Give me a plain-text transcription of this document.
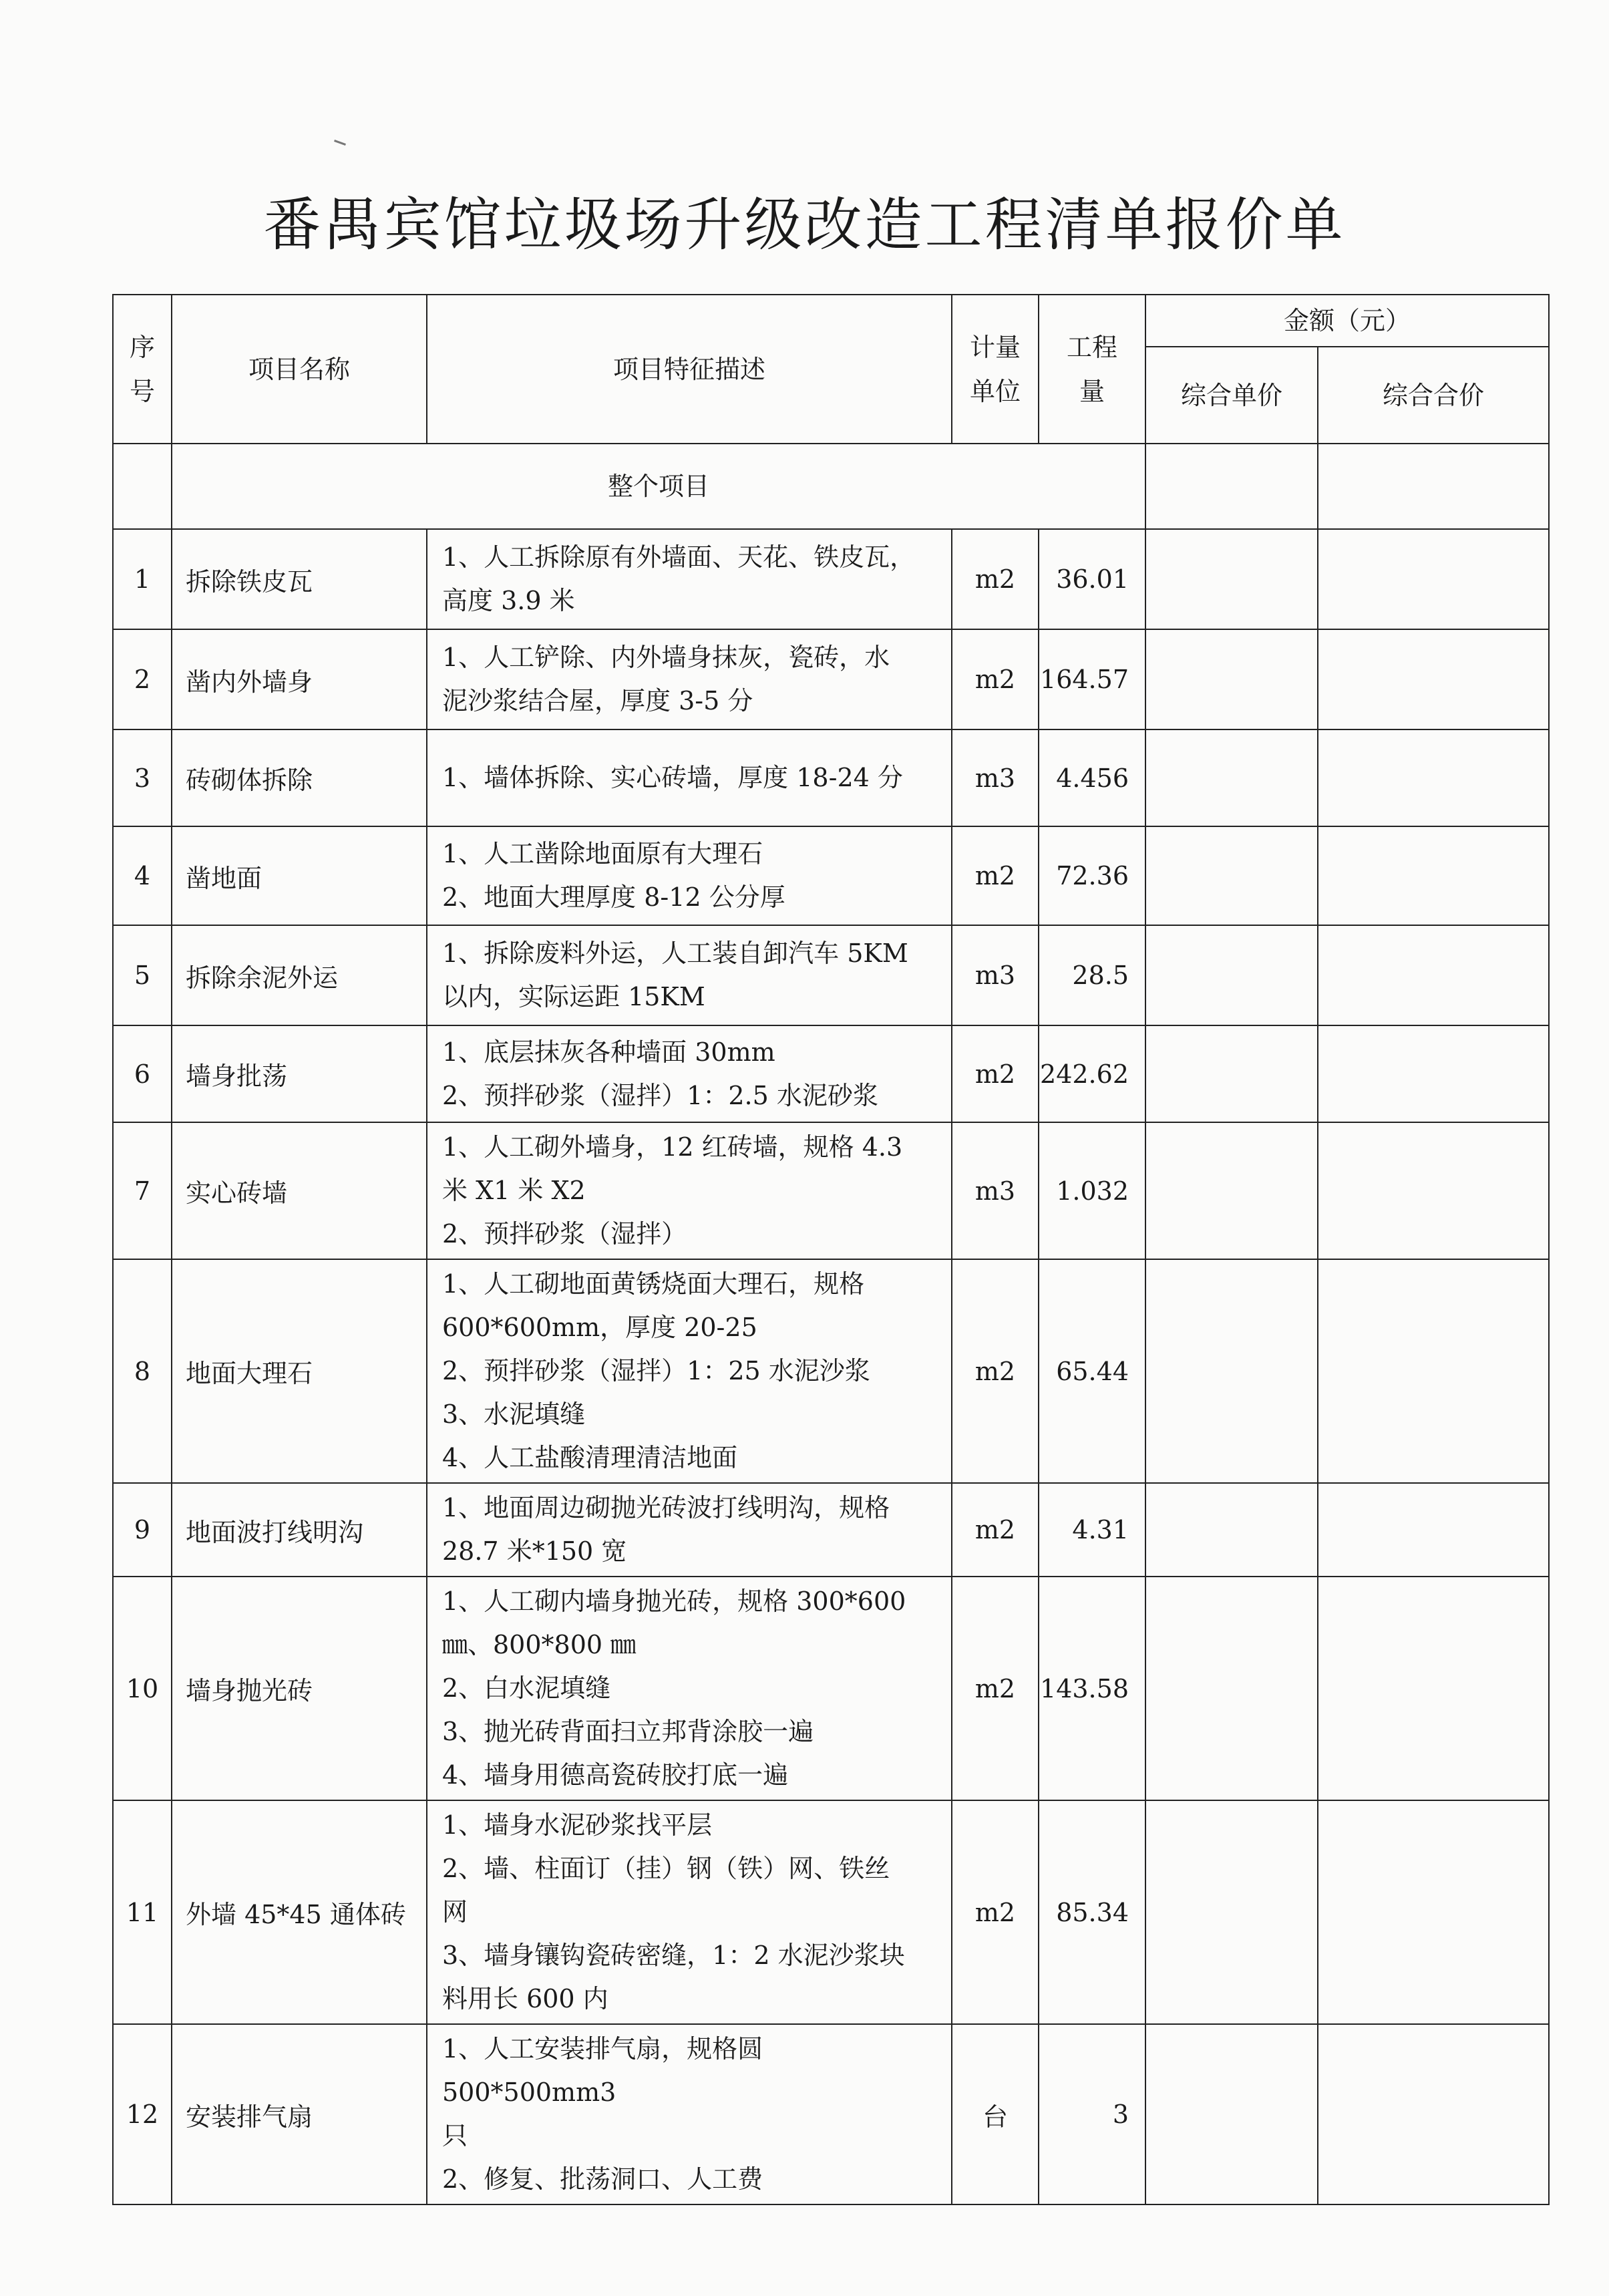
番禺宾馆垃圾场升级改造工程清单报价单
序号	项目名称	项目特征描述	计量单位	工程量	金额（元）	
					综合单价	综合合价
	整个项目					
1	拆除铁皮瓦	1、人工拆除原有外墙面、天花、铁皮瓦，
高度 3.9 米	m2	36.01		
2	凿内外墙身	1、人工铲除、内外墙身抹灰，瓷砖，水
泥沙浆结合屋，厚度 3-5 分	m2	164.57		
3	砖砌体拆除	1、墙体拆除、实心砖墙，厚度 18-24 分	m3	4.456		
4	凿地面	1、人工凿除地面原有大理石
2、地面大理厚度 8-12 公分厚	m2	72.36		
5	拆除余泥外运	1、拆除废料外运，人工装自卸汽车 5KM
以内，实际运距 15KM	m3	28.5		
6	墙身批荡	1、底层抹灰各种墙面 30mm
2、预拌砂浆（湿拌）1：2.5 水泥砂浆	m2	242.62		
7	实心砖墙	1、人工砌外墙身，12 红砖墙，规格 4.3
米 X1 米 X2
2、预拌砂浆（湿拌）	m3	1.032		
8	地面大理石	1、人工砌地面黄锈烧面大理石，规格
600*600mm，厚度 20-25
2、预拌砂浆（湿拌）1：25 水泥沙浆
3、水泥填缝
4、人工盐酸清理清洁地面	m2	65.44		
9	地面波打线明沟	1、地面周边砌抛光砖波打线明沟，规格
28.7 米*150 宽	m2	4.31		
10	墙身抛光砖	1、人工砌内墙身抛光砖，规格 300*600
㎜、800*800 ㎜
2、白水泥填缝
3、抛光砖背面扫立邦背涂胶一遍
4、墙身用德高瓷砖胶打底一遍	m2	143.58		
11	外墙 45*45 通体砖	1、墙身水泥砂浆找平层
2、墙、柱面订（挂）钢（铁）网、铁丝
网
3、墙身镶钩瓷砖密缝，1：2 水泥沙浆块
料用长 600 内	m2	85.34		
12	安装排气扇	1、人工安装排气扇，规格圆 500*500mm3
只
2、修复、批荡洞口、人工费	台	3		
